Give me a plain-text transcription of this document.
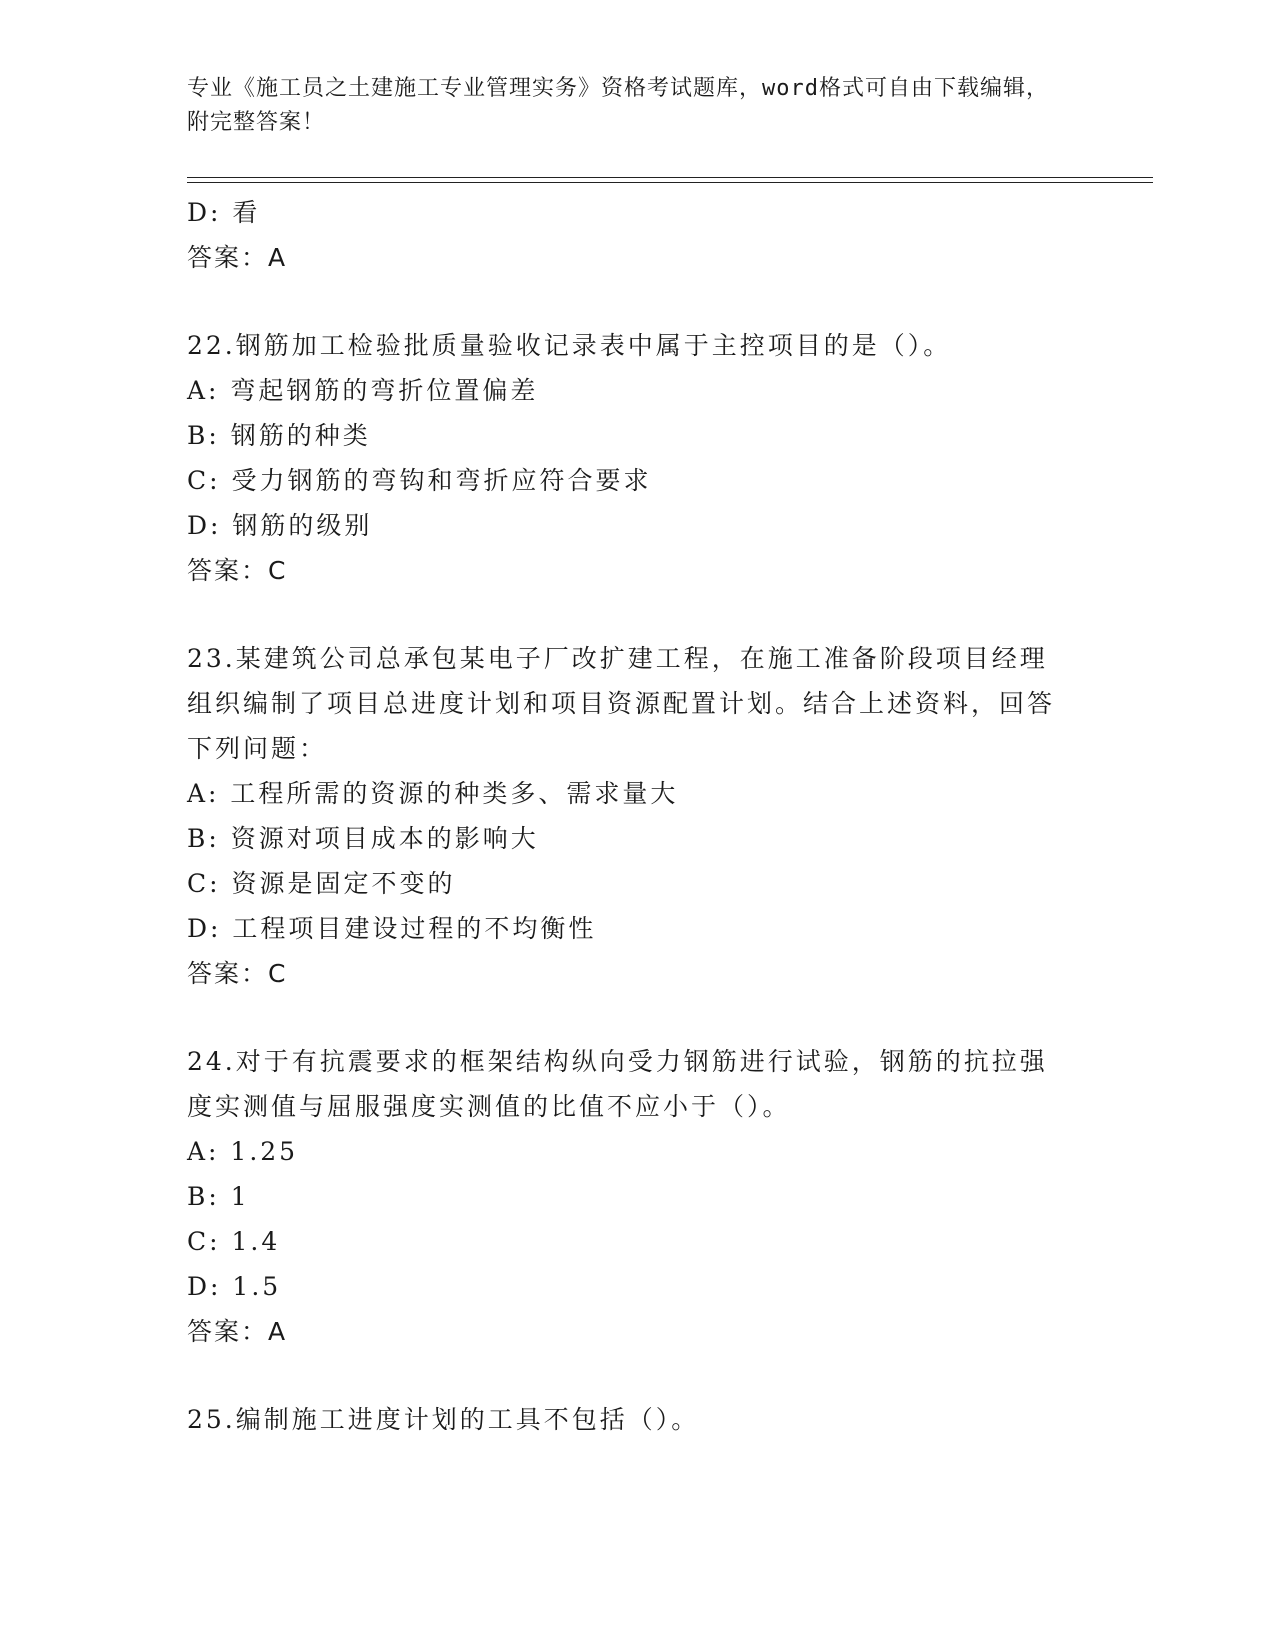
专业《施工员之土建施工专业管理实务》资格考试题库，word格式可自由下载编辑，附完整答案！
D: 看
答案：A
22.钢筋加工检验批质量验收记录表中属于主控项目的是（）。
A: 弯起钢筋的弯折位置偏差
B: 钢筋的种类
C: 受力钢筋的弯钩和弯折应符合要求
D: 钢筋的级别
答案：C
23.某建筑公司总承包某电子厂改扩建工程，在施工准备阶段项目经理组织编制了项目总进度计划和项目资源配置计划。结合上述资料，回答下列问题：
A: 工程所需的资源的种类多、需求量大
B: 资源对项目成本的影响大
C: 资源是固定不变的
D: 工程项目建设过程的不均衡性
答案：C
24.对于有抗震要求的框架结构纵向受力钢筋进行试验，钢筋的抗拉强度实测值与屈服强度实测值的比值不应小于（）。
A: 1.25
B: 1
C: 1.4
D: 1.5
答案：A
25.编制施工进度计划的工具不包括（）。
